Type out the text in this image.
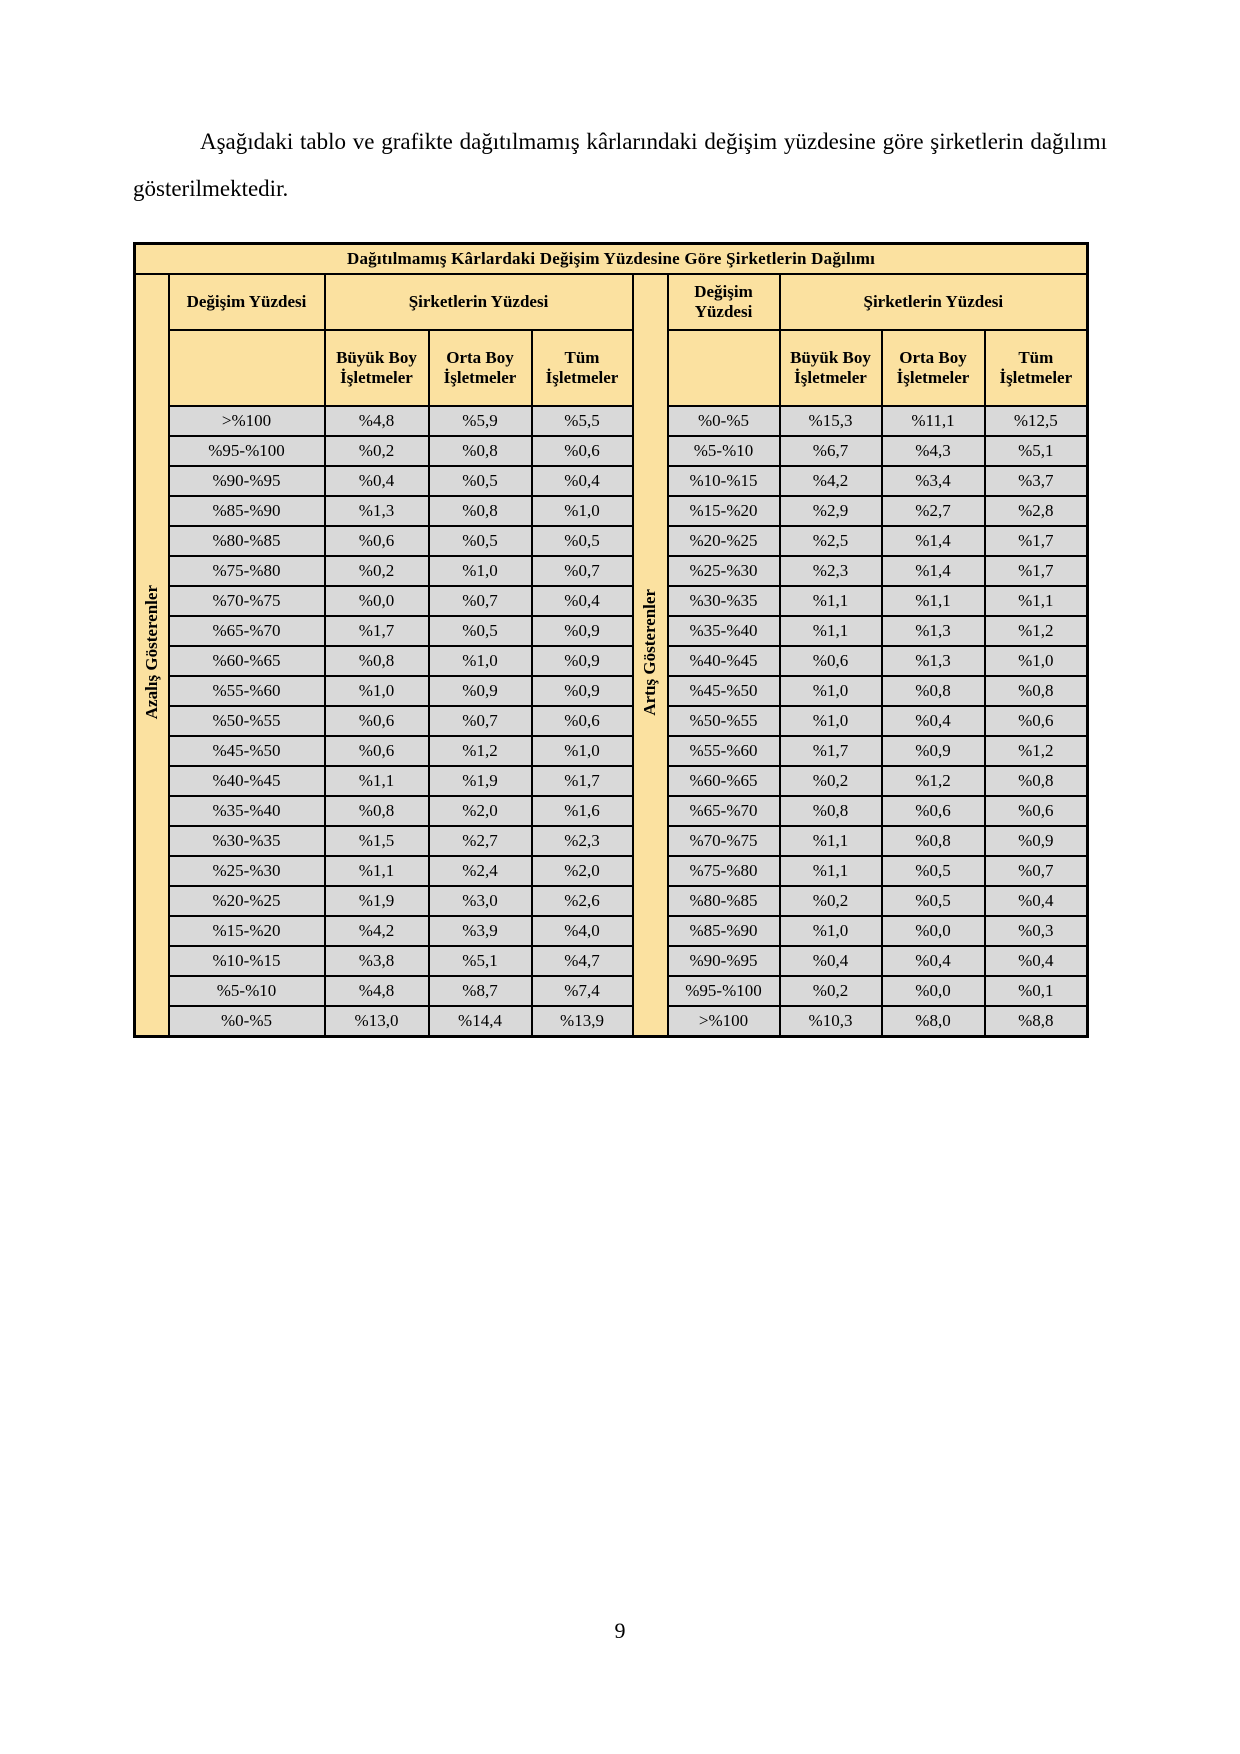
Aşağıdaki tablo ve grafikte dağıtılmamış kârlarındaki değişim yüzdesine göre şirketlerin dağılımı gösterilmektedir.

Dağıtılmamış Kârlardaki Değişim Yüzdesine Göre Şirketlerin Dağılımı									
Azalış Gösterenler	Değişim Yüzdesi	Şirketlerin Yüzdesi			Artış Gösterenler	Değişim Yüzdesi	Şirketlerin Yüzdesi		
		Büyük Boy İşletmeler	Orta Boy İşletmeler	Tüm İşletmeler			Büyük Boy İşletmeler	Orta Boy İşletmeler	Tüm İşletmeler
	>%100	%4,8	%5,9	%5,5		%0-%5	%15,3	%11,1	%12,5
	%95-%100	%0,2	%0,8	%0,6		%5-%10	%6,7	%4,3	%5,1
	%90-%95	%0,4	%0,5	%0,4		%10-%15	%4,2	%3,4	%3,7
	%85-%90	%1,3	%0,8	%1,0		%15-%20	%2,9	%2,7	%2,8
	%80-%85	%0,6	%0,5	%0,5		%20-%25	%2,5	%1,4	%1,7
	%75-%80	%0,2	%1,0	%0,7		%25-%30	%2,3	%1,4	%1,7
	%70-%75	%0,0	%0,7	%0,4		%30-%35	%1,1	%1,1	%1,1
	%65-%70	%1,7	%0,5	%0,9		%35-%40	%1,1	%1,3	%1,2
	%60-%65	%0,8	%1,0	%0,9		%40-%45	%0,6	%1,3	%1,0
	%55-%60	%1,0	%0,9	%0,9		%45-%50	%1,0	%0,8	%0,8
	%50-%55	%0,6	%0,7	%0,6		%50-%55	%1,0	%0,4	%0,6
	%45-%50	%0,6	%1,2	%1,0		%55-%60	%1,7	%0,9	%1,2
	%40-%45	%1,1	%1,9	%1,7		%60-%65	%0,2	%1,2	%0,8
	%35-%40	%0,8	%2,0	%1,6		%65-%70	%0,8	%0,6	%0,6
	%30-%35	%1,5	%2,7	%2,3		%70-%75	%1,1	%0,8	%0,9
	%25-%30	%1,1	%2,4	%2,0		%75-%80	%1,1	%0,5	%0,7
	%20-%25	%1,9	%3,0	%2,6		%80-%85	%0,2	%0,5	%0,4
	%15-%20	%4,2	%3,9	%4,0		%85-%90	%1,0	%0,0	%0,3
	%10-%15	%3,8	%5,1	%4,7		%90-%95	%0,4	%0,4	%0,4
	%5-%10	%4,8	%8,7	%7,4		%95-%100	%0,2	%0,0	%0,1
	%0-%5	%13,0	%14,4	%13,9		>%100	%10,3	%8,0	%8,8
9
